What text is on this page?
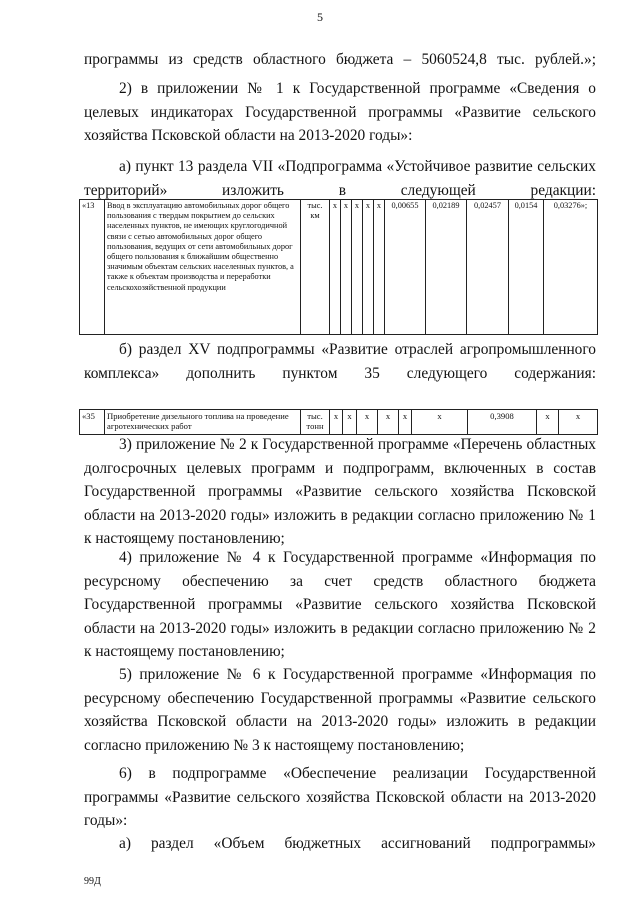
5
программы из средств областного бюджета – 5060524,8 тыс. рублей.»;
2) в приложении № 1 к Государственной программе «Сведения о целевых индикаторах Государственной программы «Развитие сельского хозяйства Псковской области на 2013-2020 годы»:
а) пункт 13 раздела VII «Подпрограмма «Устойчивое развитие сельских территорий» изложить в следующей редакции:
«13	Ввод в эксплуатацию автомобильных дорог общего пользования с твердым покрытием до сельских населенных пунктов, не имеющих круглогодичной связи с сетью автомобильных дорог общего пользования, ведущих от сети автомобильных дорог общего пользования к ближайшим общественно значимым объектам сельских населенных пунктов, а также к объектам производства и переработки сельскохозяйственной продукции	тыс. км	х	х	х	х	х	0,00655	0,02189	0,02457	0,0154	0,03276»;
б) раздел XV подпрограммы «Развитие отраслей агропромышленного комплекса» дополнить пунктом 35 следующего содержания:
«35	Приобретение дизельного топлива на проведение агротехнических работ	тыс. тонн	х	х	х	х	х	х	0,3908	х	х
3) приложение № 2 к Государственной программе «Перечень областных долгосрочных целевых программ и подпрограмм, включенных в состав Государственной программы «Развитие сельского хозяйства Псковской области на 2013-2020 годы» изложить в редакции согласно приложению № 1 к настоящему постановлению;
4) приложение № 4 к Государственной программе «Информация по ресурсному обеспечению за счет средств областного бюджета Государственной программы «Развитие сельского хозяйства Псковской области на 2013-2020 годы» изложить в редакции согласно приложению № 2 к настоящему постановлению;
5) приложение № 6 к Государственной программе «Информация по ресурсному обеспечению Государственной программы «Развитие сельского хозяйства Псковской области на 2013-2020 годы» изложить в редакции согласно приложению № 3 к настоящему постановлению;
6) в подпрограмме «Обеспечение реализации Государственной программы «Развитие сельского хозяйства Псковской области на 2013-2020 годы»:
а) раздел «Объем бюджетных ассигнований подпрограммы»
99Д
